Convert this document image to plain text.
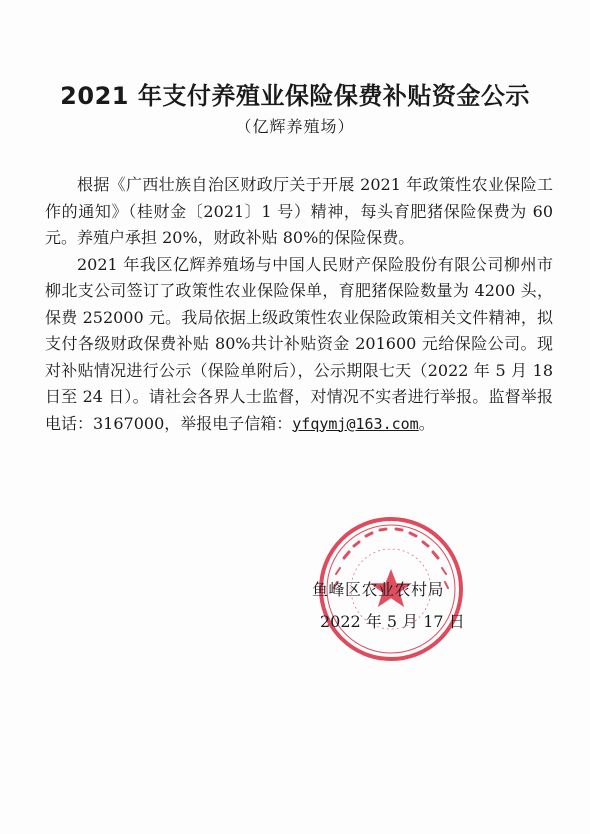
2021 年支付养殖业保险保费补贴资金公示
（亿辉养殖场）

根据《广西壮族自治区财政厅关于开展 2021 年政策性农业保险工作的通知》（桂财金〔2021〕1 号）精神，每头育肥猪保险保费为 60 元。养殖户承担 20%，财政补贴 80%的保险保费。

2021 年我区亿辉养殖场与中国人民财产保险股份有限公司柳州市柳北支公司签订了政策性农业保险保单，育肥猪保险数量为 4200 头，保费 252000 元。我局依据上级政策性农业保险政策相关文件精神，拟支付各级财政保费补贴 80%共计补贴资金 201600 元给保险公司。现对补贴情况进行公示（保险单附后），公示期限七天（2022 年 5 月 18 日至 24 日）。请社会各界人士监督，对情况不实者进行举报。监督举报电话：3167000，举报电子信箱：yfqymj@163.com。

鱼峰区农业农村局
2022 年 5 月 17 日
